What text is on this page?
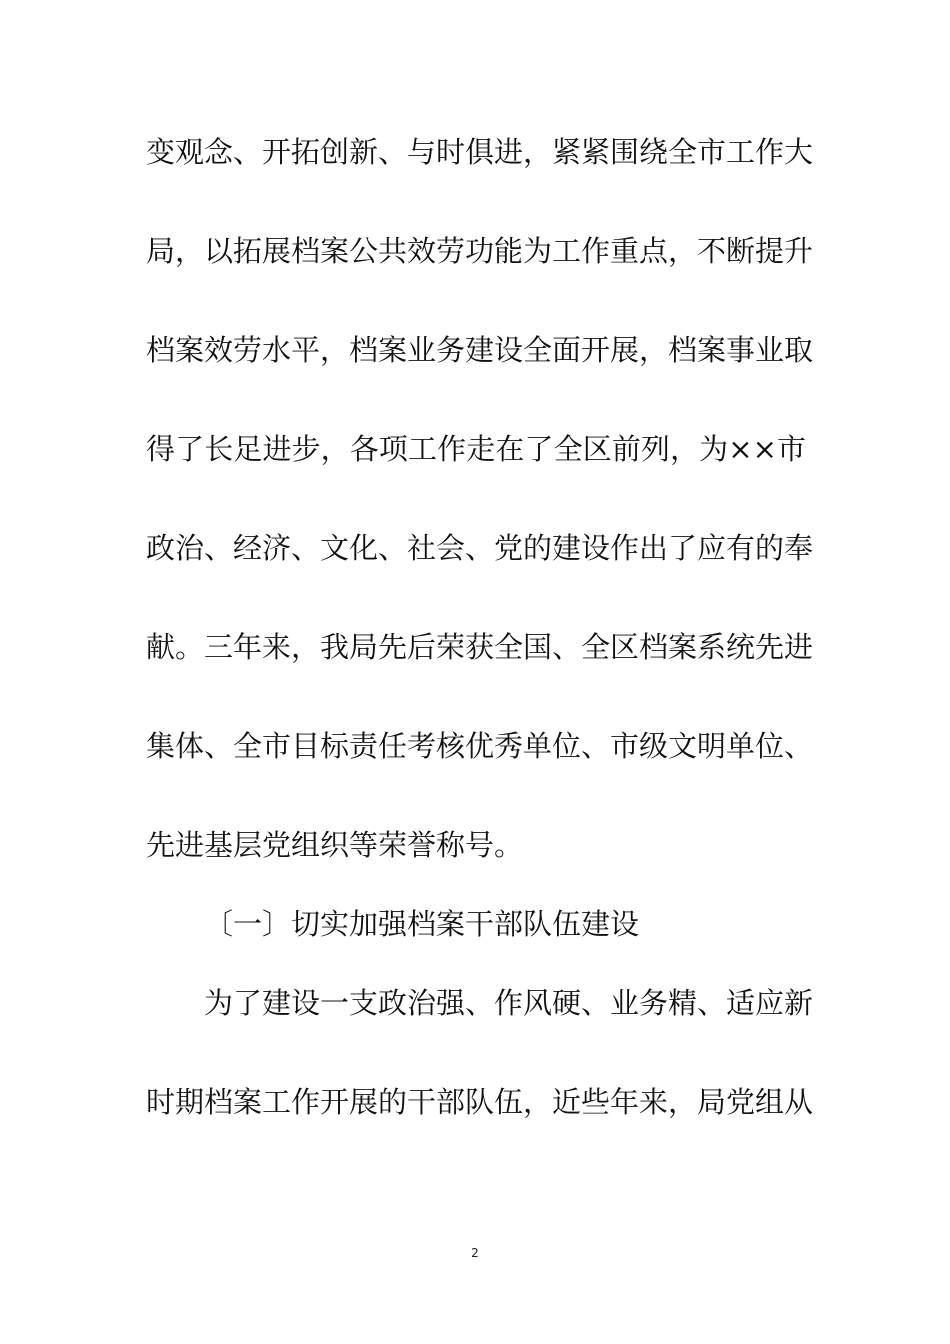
变观念、开拓创新、与时俱进，紧紧围绕全市工作大
局，以拓展档案公共效劳功能为工作重点，不断提升
档案效劳水平，档案业务建设全面开展，档案事业取
得了长足进步，各项工作走在了全区前列，为××市
政治、经济、文化、社会、党的建设作出了应有的奉
献。三年来，我局先后荣获全国、全区档案系统先进
集体、全市目标责任考核优秀单位、市级文明单位、
先进基层党组织等荣誉称号。
〔一〕切实加强档案干部队伍建设
为了建设一支政治强、作风硬、业务精、适应新
时期档案工作开展的干部队伍，近些年来，局党组从
2
